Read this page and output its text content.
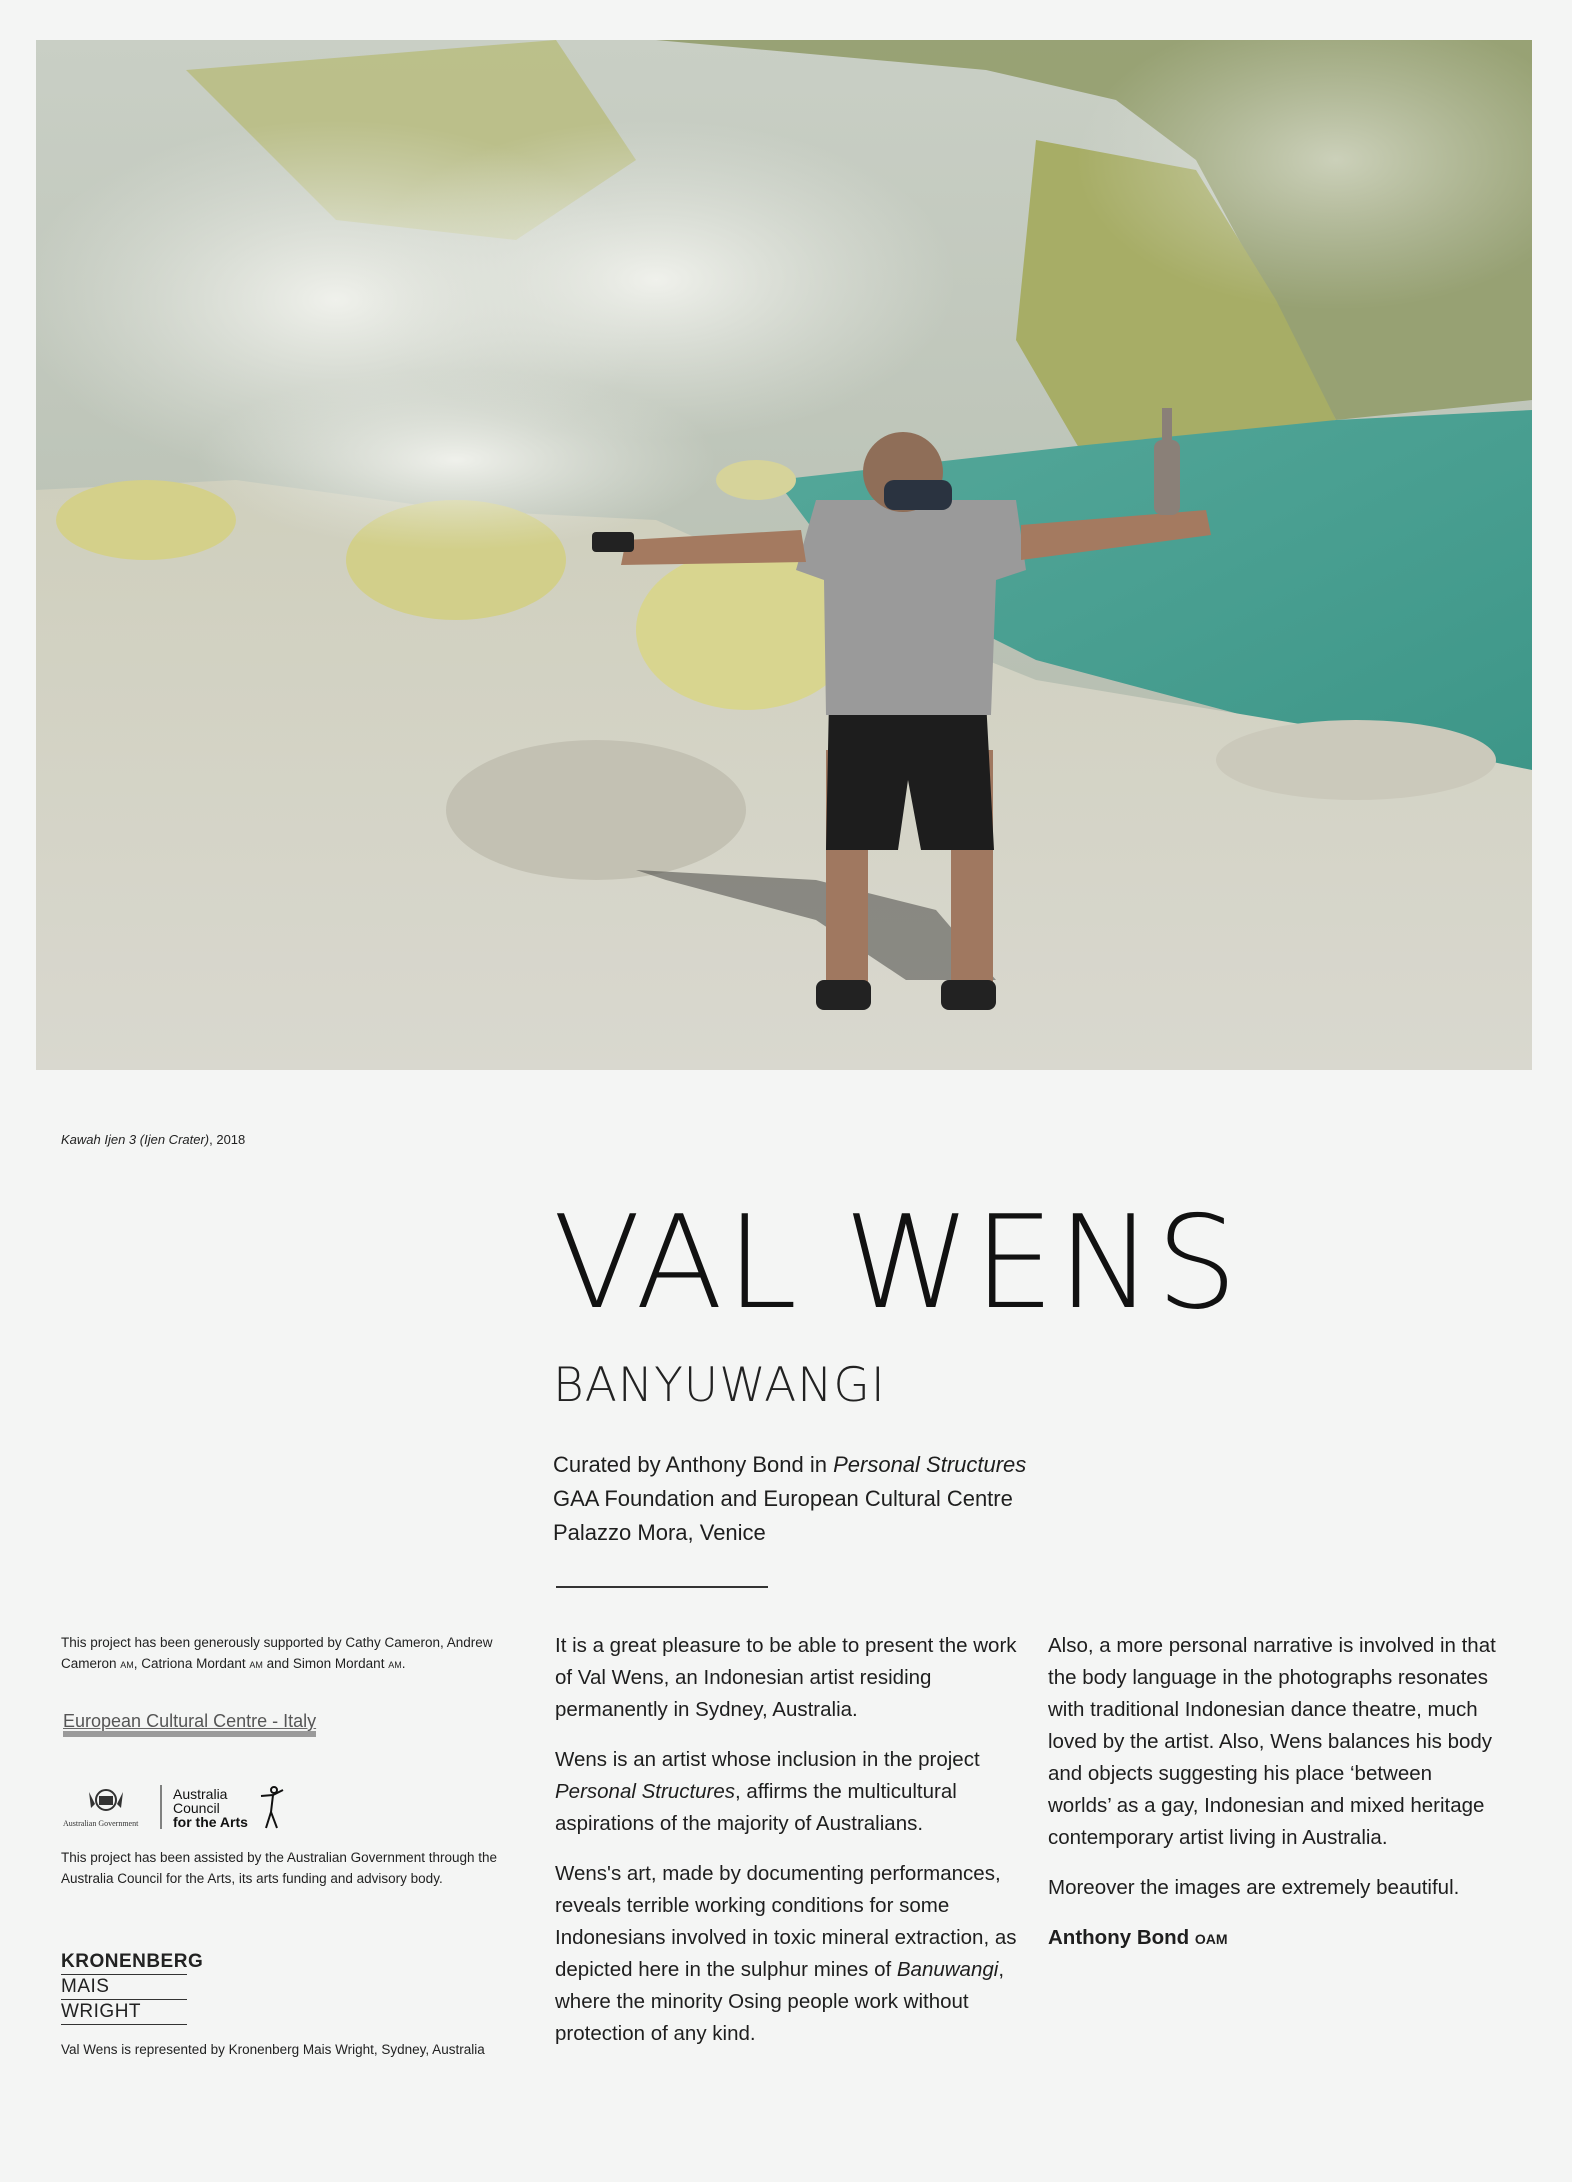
Kawah Ijen 3 (Ijen Crater), 2018
VAL WENS
BANYUWANGI
Curated by Anthony Bond in Personal Structures
GAA Foundation and European Cultural Centre
Palazzo Mora, Venice

It is a great pleasure to be able to present the work of Val Wens, an Indonesian artist residing permanently in Sydney, Australia.

Wens is an artist whose inclusion in the project Personal Structures, affirms the multicultural aspirations of the majority of Australians.

Wens's art, made by documenting performances, reveals terrible working conditions for some Indonesians involved in toxic mineral extraction, as depicted here in the sulphur mines of Banuwangi, where the minority Osing people work without protection of any kind.

Also, a more personal narrative is involved in that the body language in the photographs resonates with traditional Indonesian dance theatre, much loved by the artist. Also, Wens balances his body and objects suggesting his place ‘between worlds’ as a gay, Indonesian and mixed heritage contemporary artist living in Australia.

Moreover the images are extremely beautiful.

Anthony Bond OAM

This project has been generously supported by Cathy Cameron, Andrew Cameron AM, Catriona Mordant AM and Simon Mordant AM.
European Cultural Centre - Italy
Australian Government
Australia
Council
for the Arts
This project has been assisted by the Australian Government through the Australia Council for the Arts, its arts funding and advisory body.
KRONENBERG
MAIS
WRIGHT
Val Wens is represented by Kronenberg Mais Wright, Sydney, Australia
